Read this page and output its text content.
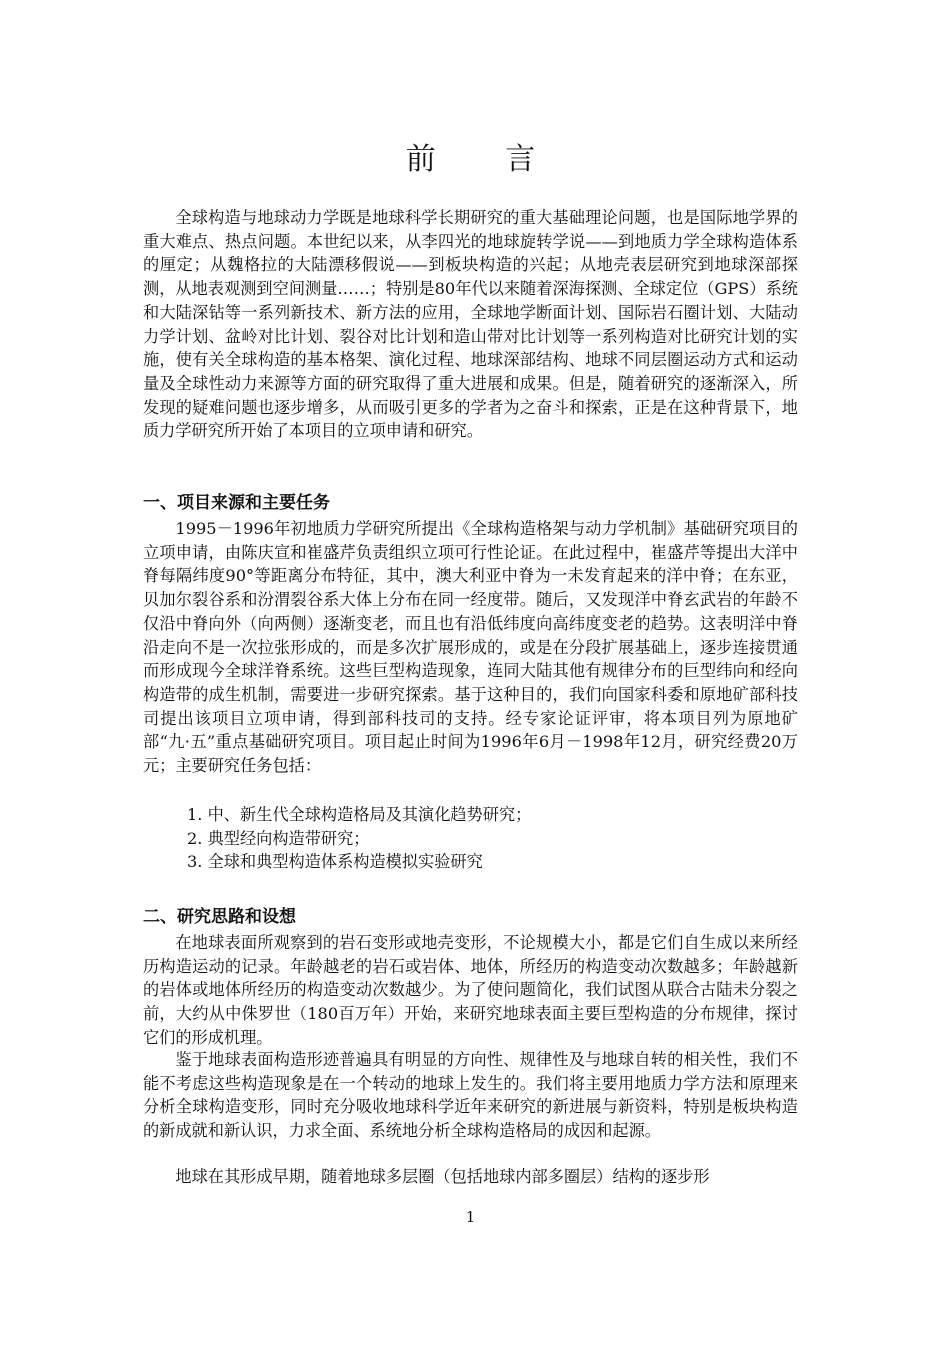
前 言

全球构造与地球动力学既是地球科学长期研究的重大基础理论问题，也是国际地学界的重大难点、热点问题。本世纪以来，从李四光的地球旋转学说——到地质力学全球构造体系的厘定；从魏格拉的大陆漂移假说——到板块构造的兴起；从地壳表层研究到地球深部探测，从地表观测到空间测量……；特别是80年代以来随着深海探测、全球定位（GPS）系统和大陆深钻等一系列新技术、新方法的应用，全球地学断面计划、国际岩石圈计划、大陆动力学计划、盆岭对比计划、裂谷对比计划和造山带对比计划等一系列构造对比研究计划的实施，使有关全球构造的基本格架、演化过程、地球深部结构、地球不同层圈运动方式和运动量及全球性动力来源等方面的研究取得了重大进展和成果。但是，随着研究的逐渐深入，所发现的疑难问题也逐步增多，从而吸引更多的学者为之奋斗和探索，正是在这种背景下，地质力学研究所开始了本项目的立项申请和研究。

一、项目来源和主要任务

1995－1996年初地质力学研究所提出《全球构造格架与动力学机制》基础研究项目的立项申请，由陈庆宣和崔盛芹负责组织立项可行性论证。在此过程中，崔盛芹等提出大洋中脊每隔纬度90°等距离分布特征，其中，澳大利亚中脊为一未发育起来的洋中脊；在东亚，贝加尔裂谷系和汾渭裂谷系大体上分布在同一经度带。随后，又发现洋中脊玄武岩的年龄不仅沿中脊向外（向两侧）逐渐变老，而且也有沿低纬度向高纬度变老的趋势。这表明洋中脊沿走向不是一次拉张形成的，而是多次扩展形成的，或是在分段扩展基础上，逐步连接贯通而形成现今全球洋脊系统。这些巨型构造现象，连同大陆其他有规律分布的巨型纬向和经向构造带的成生机制，需要进一步研究探索。基于这种目的，我们向国家科委和原地矿部科技司提出该项目立项申请，得到部科技司的支持。经专家论证评审，将本项目列为原地矿部“九·五”重点基础研究项目。项目起止时间为1996年6月－1998年12月，研究经费20万元；主要研究任务包括：

1. 中、新生代全球构造格局及其演化趋势研究；
2. 典型经向构造带研究；
3. 全球和典型构造体系构造模拟实验研究
二、研究思路和设想

在地球表面所观察到的岩石变形或地壳变形，不论规模大小，都是它们自生成以来所经历构造运动的记录。年龄越老的岩石或岩体、地体，所经历的构造变动次数越多；年龄越新的岩体或地体所经历的构造变动次数越少。为了使问题简化，我们试图从联合古陆未分裂之前，大约从中侏罗世（180百万年）开始，来研究地球表面主要巨型构造的分布规律，探讨它们的形成机理。

鉴于地球表面构造形迹普遍具有明显的方向性、规律性及与地球自转的相关性，我们不能不考虑这些构造现象是在一个转动的地球上发生的。我们将主要用地质力学方法和原理来分析全球构造变形，同时充分吸收地球科学近年来研究的新进展与新资料，特别是板块构造的新成就和新认识，力求全面、系统地分析全球构造格局的成因和起源。

地球在其形成早期，随着地球多层圈（包括地球内部多圈层）结构的逐步形

1
